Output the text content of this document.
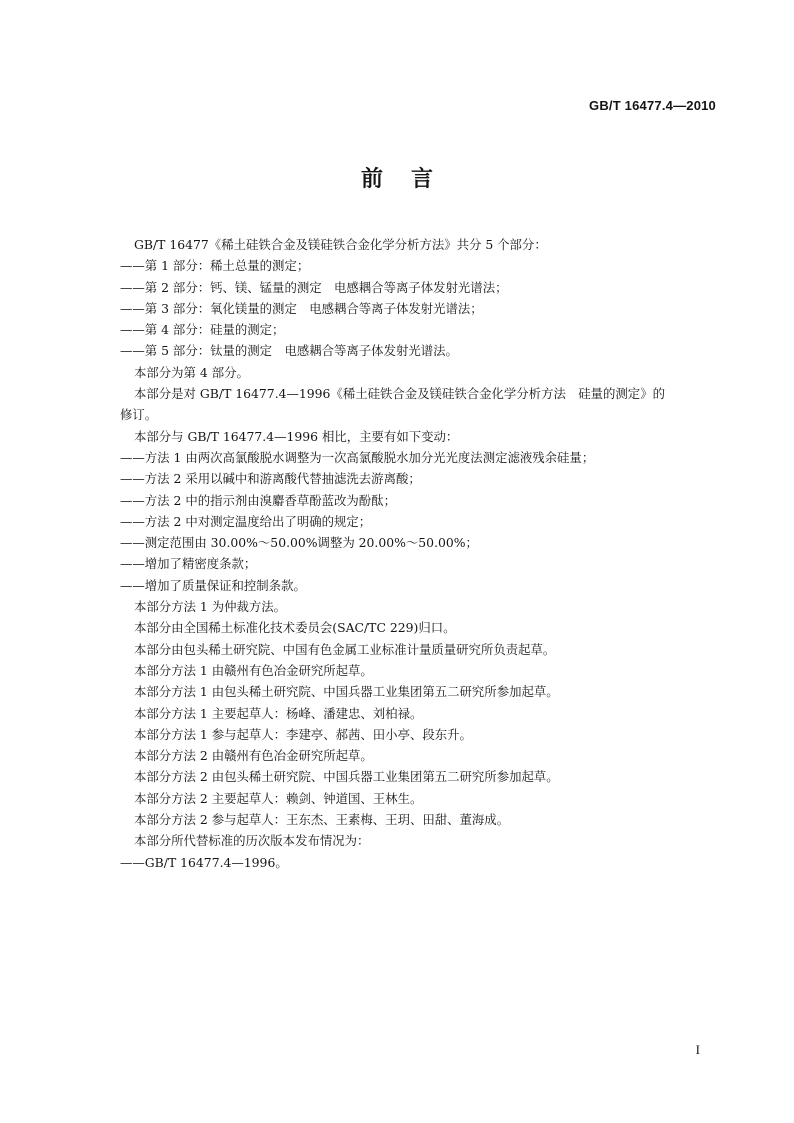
GB/T 16477.4—2010
前言
GB/T 16477《稀土硅铁合金及镁硅铁合金化学分析方法》共分 5 个部分：
——第 1 部分：稀土总量的测定；
——第 2 部分：钙、镁、锰量的测定　电感耦合等离子体发射光谱法；
——第 3 部分：氧化镁量的测定　电感耦合等离子体发射光谱法；
——第 4 部分：硅量的测定；
——第 5 部分：钛量的测定　电感耦合等离子体发射光谱法。
本部分为第 4 部分。
本部分是对 GB/T 16477.4—1996《稀土硅铁合金及镁硅铁合金化学分析方法　硅量的测定》的
修订。
本部分与 GB/T 16477.4—1996 相比，主要有如下变动：
——方法 1 由两次高氯酸脱水调整为一次高氯酸脱水加分光光度法测定滤液残余硅量；
——方法 2 采用以碱中和游离酸代替抽滤洗去游离酸；
——方法 2 中的指示剂由溴麝香草酚蓝改为酚酞；
——方法 2 中对测定温度给出了明确的规定；
——测定范围由 30.00%～50.00%调整为 20.00%～50.00%；
——增加了精密度条款；
——增加了质量保证和控制条款。
本部分方法 1 为仲裁方法。
本部分由全国稀土标准化技术委员会(SAC/TC 229)归口。
本部分由包头稀土研究院、中国有色金属工业标准计量质量研究所负责起草。
本部分方法 1 由赣州有色冶金研究所起草。
本部分方法 1 由包头稀土研究院、中国兵器工业集团第五二研究所参加起草。
本部分方法 1 主要起草人：杨峰、潘建忠、刘柏禄。
本部分方法 1 参与起草人：李建亭、郝茜、田小亭、段东升。
本部分方法 2 由赣州有色冶金研究所起草。
本部分方法 2 由包头稀土研究院、中国兵器工业集团第五二研究所参加起草。
本部分方法 2 主要起草人：赖剑、钟道国、王林生。
本部分方法 2 参与起草人：王东杰、王素梅、王玥、田甜、董海成。
本部分所代替标准的历次版本发布情况为：
——GB/T 16477.4—1996。
I
